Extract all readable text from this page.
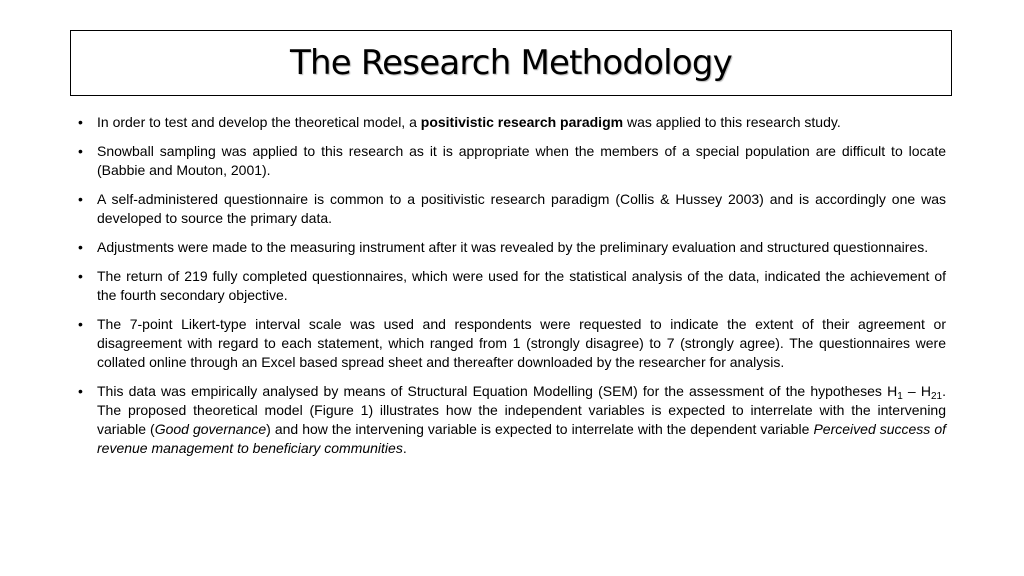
The Research Methodology
• In order to test and develop the theoretical model, a positivistic research paradigm was applied to this research study.
• Snowball sampling was applied to this research as it is appropriate when the members of a special population are difficult to locate (Babbie and Mouton, 2001).
• A self-administered questionnaire is common to a positivistic research paradigm (Collis & Hussey 2003) and is accordingly one was developed to source the primary data.
• Adjustments were made to the measuring instrument after it was revealed by the preliminary evaluation and structured questionnaires.
• The return of 219 fully completed questionnaires, which were used for the statistical analysis of the data, indicated the achievement of the fourth secondary objective.
• The 7-point Likert-type interval scale was used and respondents were requested to indicate the extent of their agreement or disagreement with regard to each statement, which ranged from 1 (strongly disagree) to 7 (strongly agree). The questionnaires were collated online through an Excel based spread sheet and thereafter downloaded by the researcher for analysis.
• This data was empirically analysed by means of Structural Equation Modelling (SEM) for the assessment of the hypotheses $H_1 - H_{21}$. The proposed theoretical model (Figure 1) illustrates how the independent variables is expected to interrelate with the intervening variable (Good governance) and how the intervening variable is expected to interrelate with the dependent variable Perceived success of revenue management to beneficiary communities.
